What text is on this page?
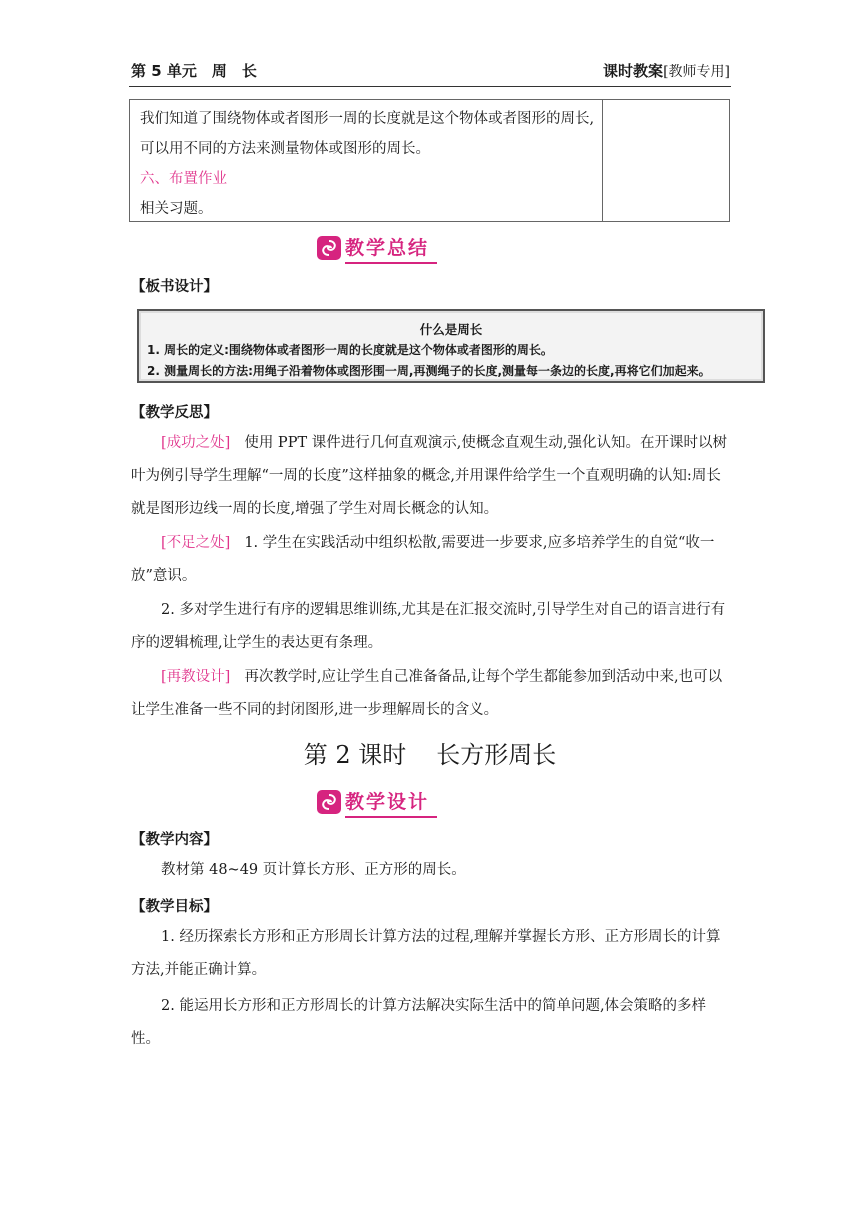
第 5 单元　周　长	课时教案[教师专用]
我们知道了围绕物体或者图形一周的长度就是这个物体或者图形的周长,可以用不同的方法来测量物体或图形的周长。
六、布置作业
相关习题。
教学总结
【板书设计】
什么是周长
1. 周长的定义:围绕物体或者图形一周的长度就是这个物体或者图形的周长。
2. 测量周长的方法:用绳子沿着物体或图形围一周,再测绳子的长度,测量每一条边的长度,再将它们加起来。
【教学反思】
[成功之处] 使用 PPT 课件进行几何直观演示,使概念直观生动,强化认知。在开课时以树叶为例引导学生理解“一周的长度”这样抽象的概念,并用课件给学生一个直观明确的认知:周长就是图形边线一周的长度,增强了学生对周长概念的认知。
[不足之处] 1. 学生在实践活动中组织松散,需要进一步要求,应多培养学生的自觉“收一放”意识。
2. 多对学生进行有序的逻辑思维训练,尤其是在汇报交流时,引导学生对自己的语言进行有序的逻辑梳理,让学生的表达更有条理。
[再教设计] 再次教学时,应让学生自己准备备品,让每个学生都能参加到活动中来,也可以让学生准备一些不同的封闭图形,进一步理解周长的含义。
第 2 课时 长方形周长
教学设计
【教学内容】
教材第 48~49 页计算长方形、正方形的周长。
【教学目标】
1. 经历探索长方形和正方形周长计算方法的过程,理解并掌握长方形、正方形周长的计算方法,并能正确计算。
2. 能运用长方形和正方形周长的计算方法解决实际生活中的简单问题,体会策略的多样性。
